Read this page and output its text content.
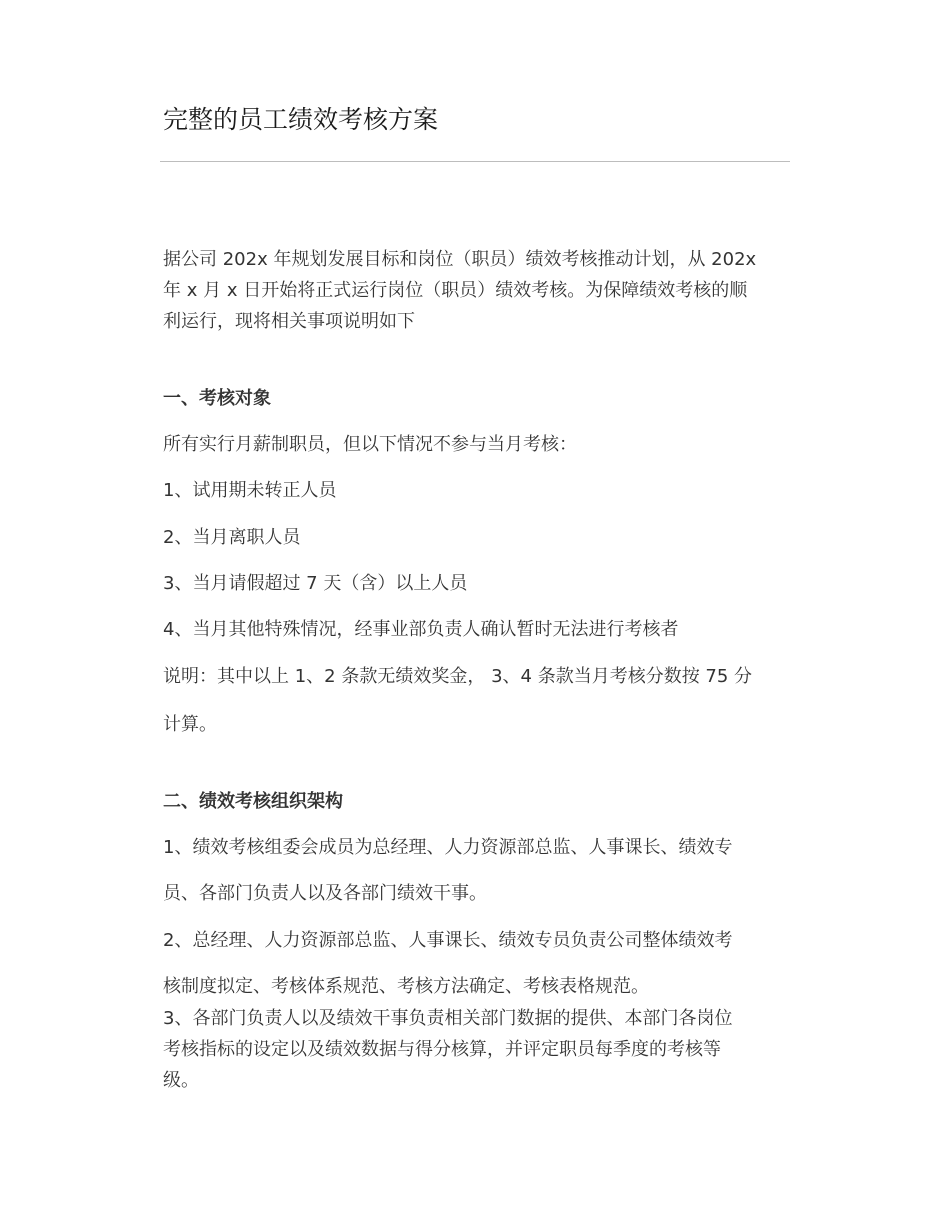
完整的员工绩效考核方案
据公司 202x 年规划发展目标和岗位（职员）绩效考核推动计划，从 202x
年 x 月 x 日开始将正式运行岗位（职员）绩效考核。为保障绩效考核的顺
利运行，现将相关事项说明如下
一、考核对象
所有实行月薪制职员，但以下情况不参与当月考核：
1、试用期未转正人员
2、当月离职人员
3、当月请假超过 7 天（含）以上人员
4、当月其他特殊情况，经事业部负责人确认暂时无法进行考核者
说明：其中以上 1、2 条款无绩效奖金， 3、4 条款当月考核分数按 75 分
计算。
二、绩效考核组织架构
1、绩效考核组委会成员为总经理、人力资源部总监、人事课长、绩效专
员、各部门负责人以及各部门绩效干事。
2、总经理、人力资源部总监、人事课长、绩效专员负责公司整体绩效考
核制度拟定、考核体系规范、考核方法确定、考核表格规范。
3、各部门负责人以及绩效干事负责相关部门数据的提供、本部门各岗位
考核指标的设定以及绩效数据与得分核算，并评定职员每季度的考核等
级。
